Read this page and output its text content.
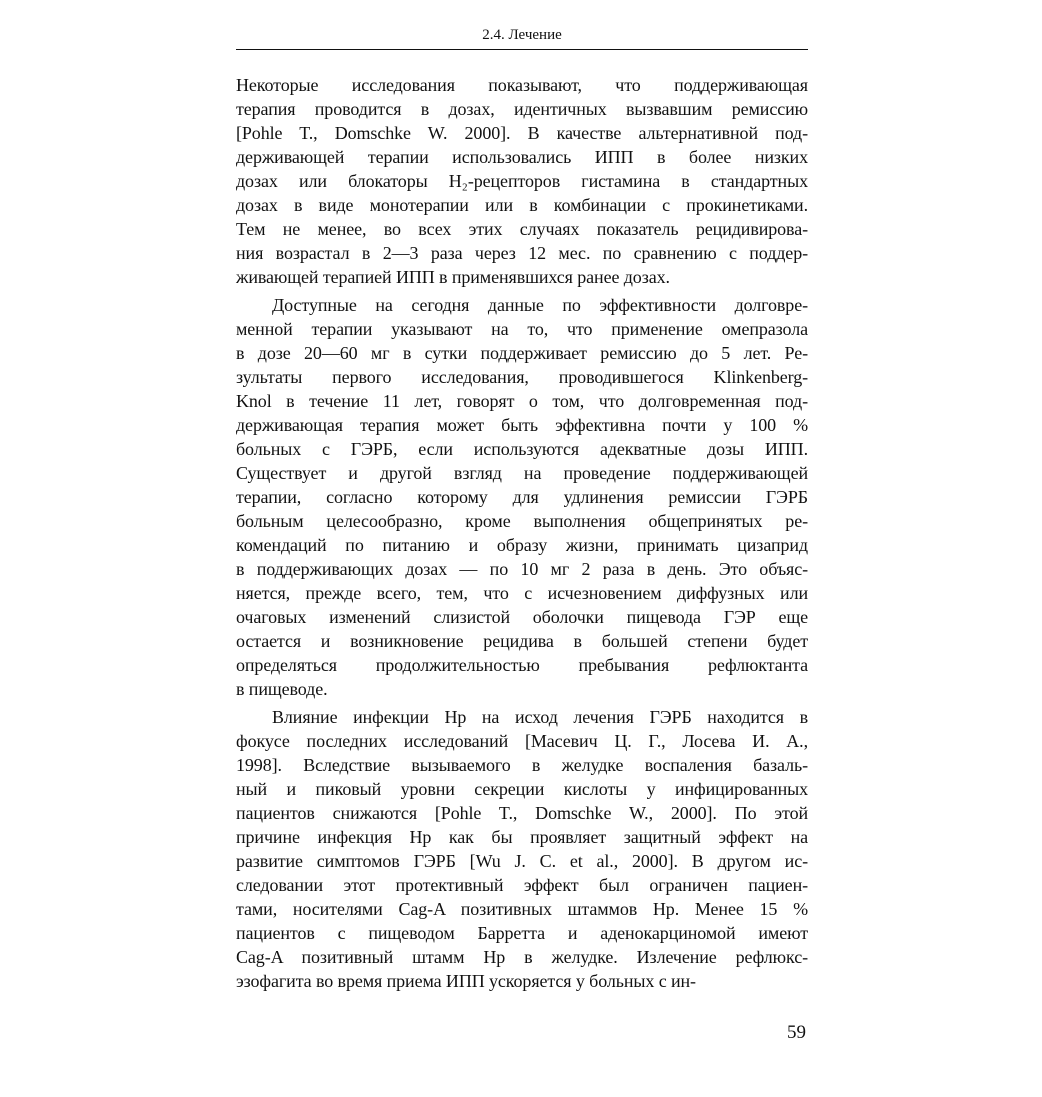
2.4. Лечение
Некоторые исследования показывают, что поддерживающая
терапия проводится в дозах, идентичных вызвавшим ремиссию
[Pohle T., Domschke W. 2000]. В качестве альтернативной под-
держивающей терапии использовались ИПП в более низких
дозах или блокаторы H₂-рецепторов гистамина в стандартных
дозах в виде монотерапии или в комбинации с прокинетиками.
Тем не менее, во всех этих случаях показатель рецидивирова-
ния возрастал в 2—3 раза через 12 мес. по сравнению с поддер-
живающей терапией ИПП в применявшихся ранее дозах.
Доступные на сегодня данные по эффективности долговре-
менной терапии указывают на то, что применение омепразола
в дозе 20—60 мг в сутки поддерживает ремиссию до 5 лет. Ре-
зультаты первого исследования, проводившегося Klinkenberg-
Knol в течение 11 лет, говорят о том, что долговременная под-
держивающая терапия может быть эффективна почти у 100 %
больных с ГЭРБ, если используются адекватные дозы ИПП.
Существует и другой взгляд на проведение поддерживающей
терапии, согласно которому для удлинения ремиссии ГЭРБ
больным целесообразно, кроме выполнения общепринятых ре-
комендаций по питанию и образу жизни, принимать цизаприд
в поддерживающих дозах — по 10 мг 2 раза в день. Это объяс-
няется, прежде всего, тем, что с исчезновением диффузных или
очаговых изменений слизистой оболочки пищевода ГЭР еще
остается и возникновение рецидива в большей степени будет
определяться продолжительностью пребывания рефлюктанта
в пищеводе.
Влияние инфекции Hp на исход лечения ГЭРБ находится в
фокусе последних исследований [Масевич Ц. Г., Лосева И. А.,
1998]. Вследствие вызываемого в желудке воспаления базаль-
ный и пиковый уровни секреции кислоты у инфицированных
пациентов снижаются [Pohle T., Domschke W., 2000]. По этой
причине инфекция Hp как бы проявляет защитный эффект на
развитие симптомов ГЭРБ [Wu J. C. et al., 2000]. В другом ис-
следовании этот протективный эффект был ограничен пациен-
тами, носителями Cag-A позитивных штаммов Hp. Менее 15 %
пациентов с пищеводом Барретта и аденокарциномой имеют
Cag-A позитивный штамм Hp в желудке. Излечение рефлюкс-
эзофагита во время приема ИПП ускоряется у больных с ин-
59
